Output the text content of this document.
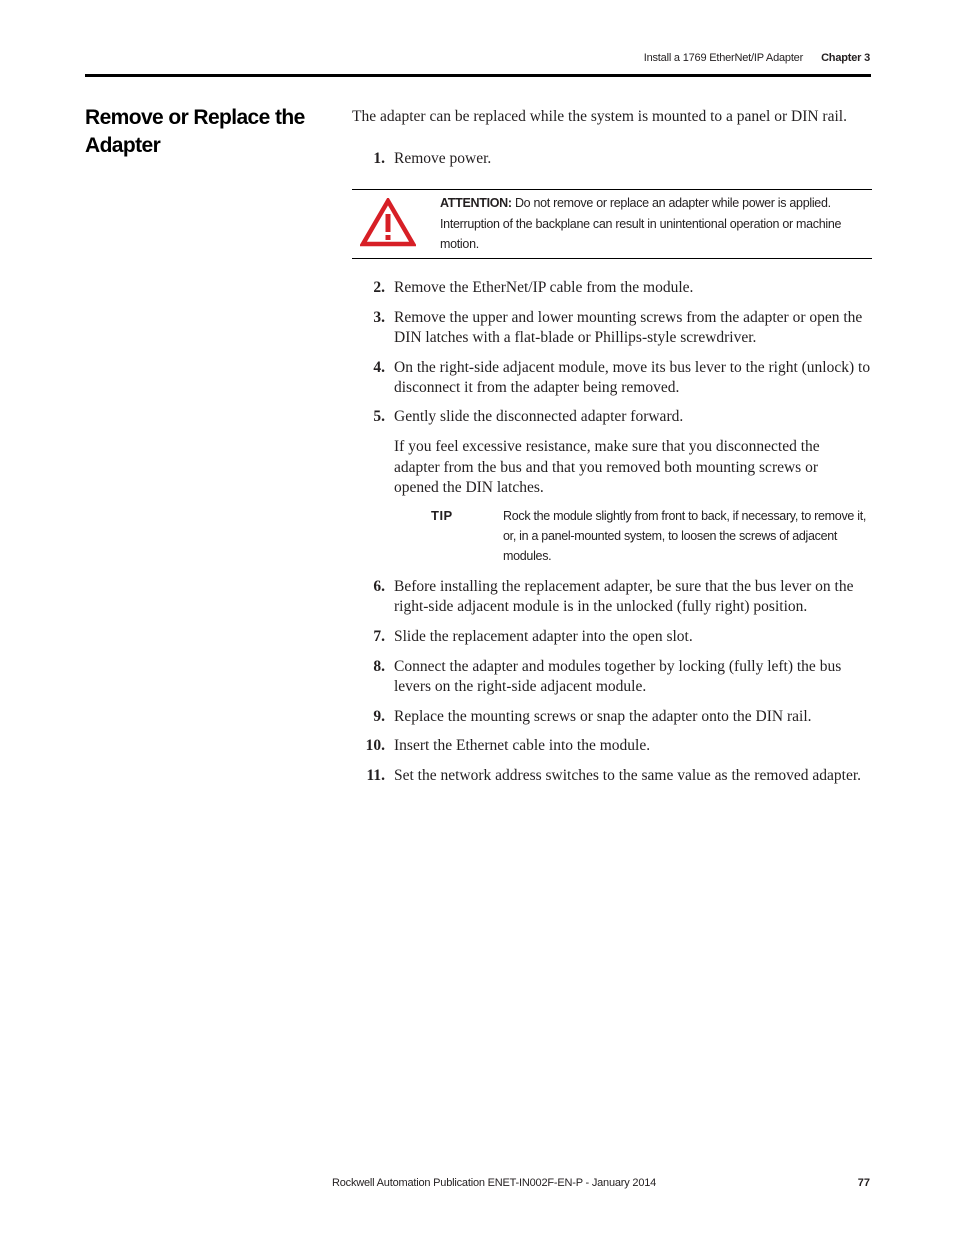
Install a 1769 EtherNet/IP Adapter Chapter 3
Remove or Replace the Adapter
The adapter can be replaced while the system is mounted to a panel or DIN rail.
1. Remove power.
ATTENTION: Do not remove or replace an adapter while power is applied. Interruption of the backplane can result in unintentional operation or machine motion.
2. Remove the EtherNet/IP cable from the module.
3. Remove the upper and lower mounting screws from the adapter or open the DIN latches with a flat-blade or Phillips-style screwdriver.
4. On the right-side adjacent module, move its bus lever to the right (unlock) to disconnect it from the adapter being removed.
5. Gently slide the disconnected adapter forward.
If you feel excessive resistance, make sure that you disconnected the adapter from the bus and that you removed both mounting screws or opened the DIN latches.
TIP	Rock the module slightly from front to back, if necessary, to remove it, or, in a panel-mounted system, to loosen the screws of adjacent modules.
6. Before installing the replacement adapter, be sure that the bus lever on the right-side adjacent module is in the unlocked (fully right) position.
7. Slide the replacement adapter into the open slot.
8. Connect the adapter and modules together by locking (fully left) the bus levers on the right-side adjacent module.
9. Replace the mounting screws or snap the adapter onto the DIN rail.
10. Insert the Ethernet cable into the module.
11. Set the network address switches to the same value as the removed adapter.
Rockwell Automation Publication ENET-IN002F-EN-P - January 2014	77
